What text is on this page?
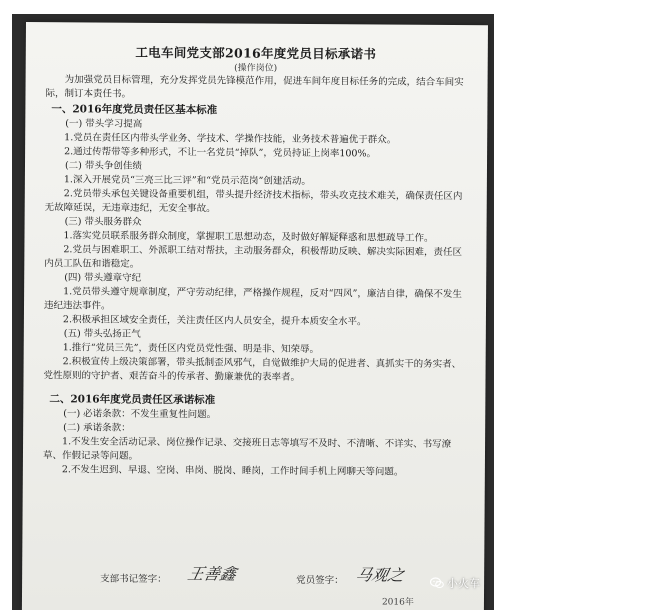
工电车间党支部2016年度党员目标承诺书
(操作岗位)

为加强党员目标管理，充分发挥党员先锋模范作用，促进车间年度目标任务的完成，结合车间实际，制订本责任书。

一、2016年度党员责任区基本标准
(一) 带头学习提高

1.党员在责任区内带头学业务、学技术、学操作技能，业务技术普遍优于群众。

2.通过传帮带等多种形式，不让一名党员“掉队”，党员持证上岗率100%。

(二) 带头争创佳绩

1.深入开展党员“三亮三比三评”和“党员示范岗”创建活动。

2.党员带头承包关键设备重要机组，带头提升经济技术指标，带头攻克技术难关，确保责任区内无故障延误，无违章违纪，无安全事故。

(三) 带头服务群众

1.落实党员联系服务群众制度，掌握职工思想动态，及时做好解疑释惑和思想疏导工作。

2.党员与困难职工、外派职工结对帮扶，主动服务群众，积极帮助反映、解决实际困难，责任区内员工队伍和谐稳定。

(四) 带头遵章守纪

1.党员带头遵守规章制度，严守劳动纪律，严格操作规程，反对“四风”，廉洁自律，确保不发生违纪违法事件。

2.积极承担区域安全责任，关注责任区内人员安全，提升本质安全水平。

(五) 带头弘扬正气

1.推行“党员三先”，责任区内党员党性强、明是非、知荣辱。

2.积极宣传上级决策部署，带头抵制歪风邪气，自觉做维护大局的促进者、真抓实干的务实者、党性原则的守护者、艰苦奋斗的传承者、勤廉兼优的表率者。

二、2016年度党员责任区承诺标准
(一) 必诺条款：不发生重复性问题。
(二) 承诺条款：

1.不发生安全活动记录、岗位操作记录、交接班日志等填写不及时、不清晰、不详实、书写潦草、作假记录等问题。

2.不发生迟到、早退、空岗、串岗、脱岗、睡岗，工作时间手机上网聊天等问题。

支部书记签字： 王善鑫	党员签字： 马观之
2016年
小火车
